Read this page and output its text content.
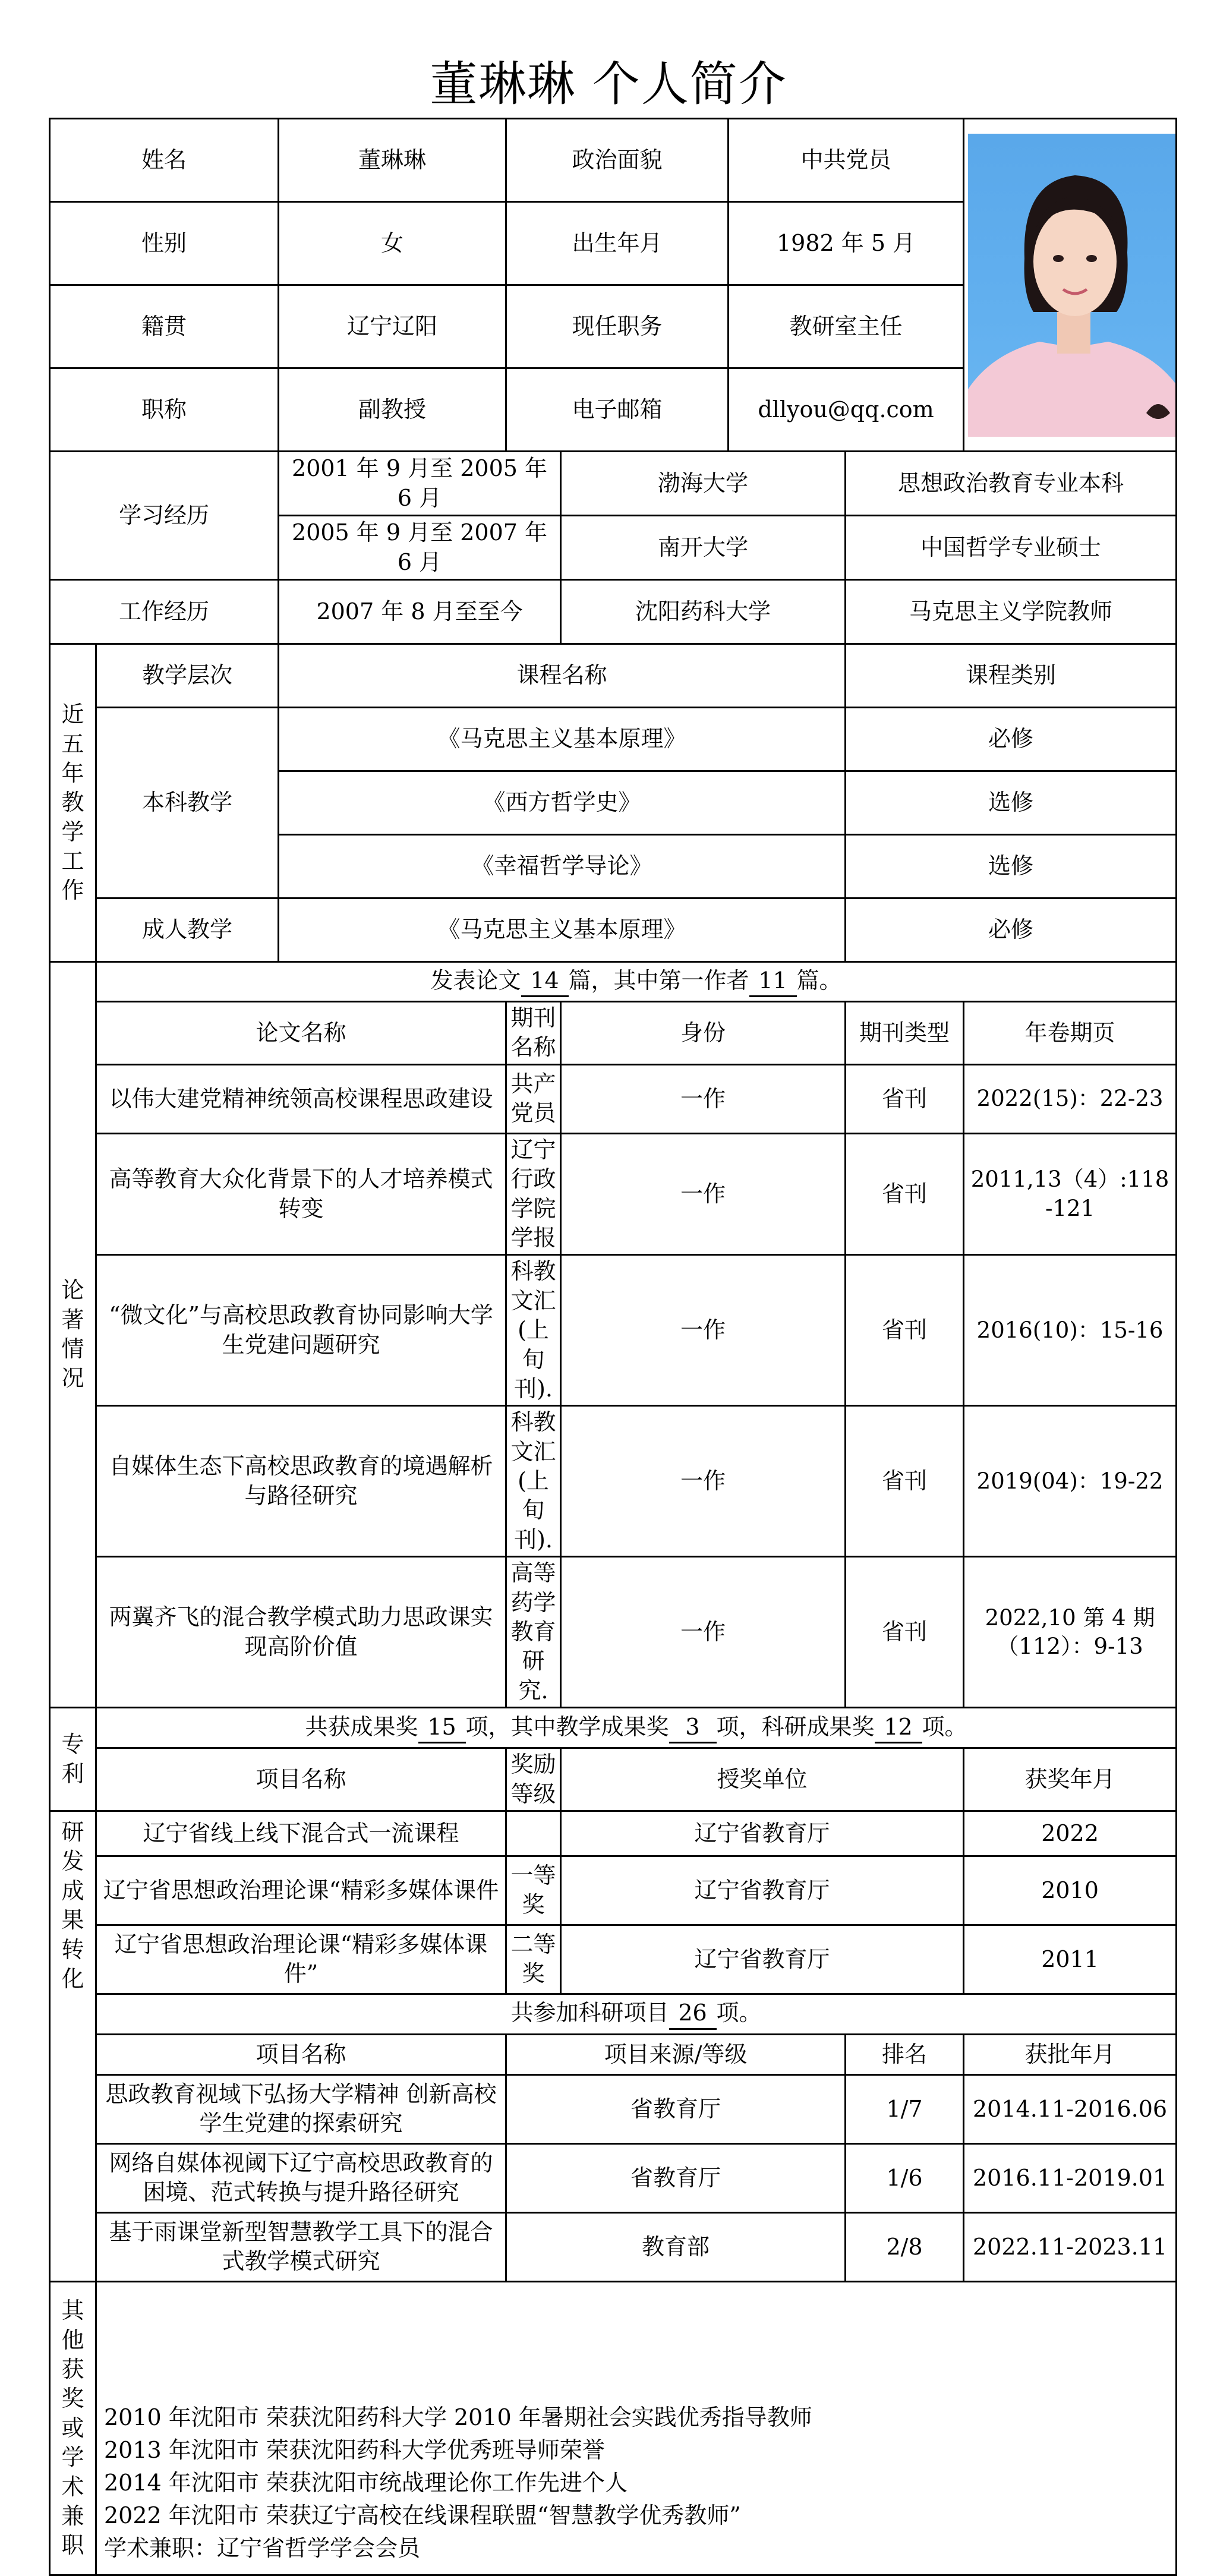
董琳琳 个人简介
姓名		董琳琳	政治面貌		中共党员	

性别		女	出生年月		1982 年 5 月		
籍贯		辽宁辽阳	现任职务		教研室主任		
职称		副教授	电子邮箱		dllyou@qq.com		
学习经历		2001 年 9 月至 2005 年 6 月		渤海大学		思想政治教育专业本科	
		2005 年 9 月至 2007 年 6 月		南开大学		中国哲学专业硕士	
工作经历		2007 年 8 月至至今		沈阳药科大学		马克思主义学院教师	
近五年教学工作	教学层次	课程名称				课程类别	
	本科教学	《马克思主义基本原理》				必修	
		《西方哲学史》				选修	
		《幸福哲学导论》				选修	
	成人教学	《马克思主义基本原理》				必修	
论著情况	发表论文 14 篇，其中第一作者 11 篇。						
	论文名称		期刊名称	身份		期刊类型	年卷期页
	以伟大建党精神统领高校课程思政建设		共产党员	一作		省刊	2022(15)：22-23
	高等教育大众化背景下的人才培养模式转变		辽宁行政学院学报	一作		省刊	2011,13（4）:118-121
	“微文化”与高校思政教育协同影响大学生党建问题研究		科教文汇(上旬刊).	一作		省刊	2016(10)：15-16
	自媒体生态下高校思政教育的境遇解析与路径研究		科教文汇(上旬刊).	一作		省刊	2019(04)：19-22
	两翼齐飞的混合教学模式助力思政课实现高阶价值		高等药学教育研究.	一作		省刊	2022,10 第 4 期（112）：9-13
专利	共获成果奖 15 项，其中教学成果奖 3 项，科研成果奖 12 项。						
	项目名称		奖励等级	授奖单位			获奖年月
研发成果转化	辽宁省线上线下混合式一流课程			辽宁省教育厅			2022
	辽宁省思想政治理论课“精彩多媒体课件		一等奖	辽宁省教育厅			2010
	辽宁省思想政治理论课“精彩多媒体课件”		二等奖	辽宁省教育厅			2011
	共参加科研项目 26 项。						
	项目名称		项目来源/等级			排名	获批年月
	思政教育视域下弘扬大学精神 创新高校学生党建的探索研究		省教育厅			1/7	2014.11-2016.06
	网络自媒体视阈下辽宁高校思政教育的困境、范式转换与提升路径研究		省教育厅			1/6	2016.11-2019.01
	基于雨课堂新型智慧教学工具下的混合式教学模式研究		教育部			2/8	2022.11-2023.11
其他获奖或学术兼职	2010 年沈阳市 荣获沈阳药科大学 2010 年暑期社会实践优秀指导教师
2013 年沈阳市 荣获沈阳药科大学优秀班导师荣誉
2014 年沈阳市 荣获沈阳市统战理论你工作先进个人
2022 年沈阳市 荣获辽宁高校在线课程联盟“智慧教学优秀教师”
学术兼职：辽宁省哲学学会会员						
